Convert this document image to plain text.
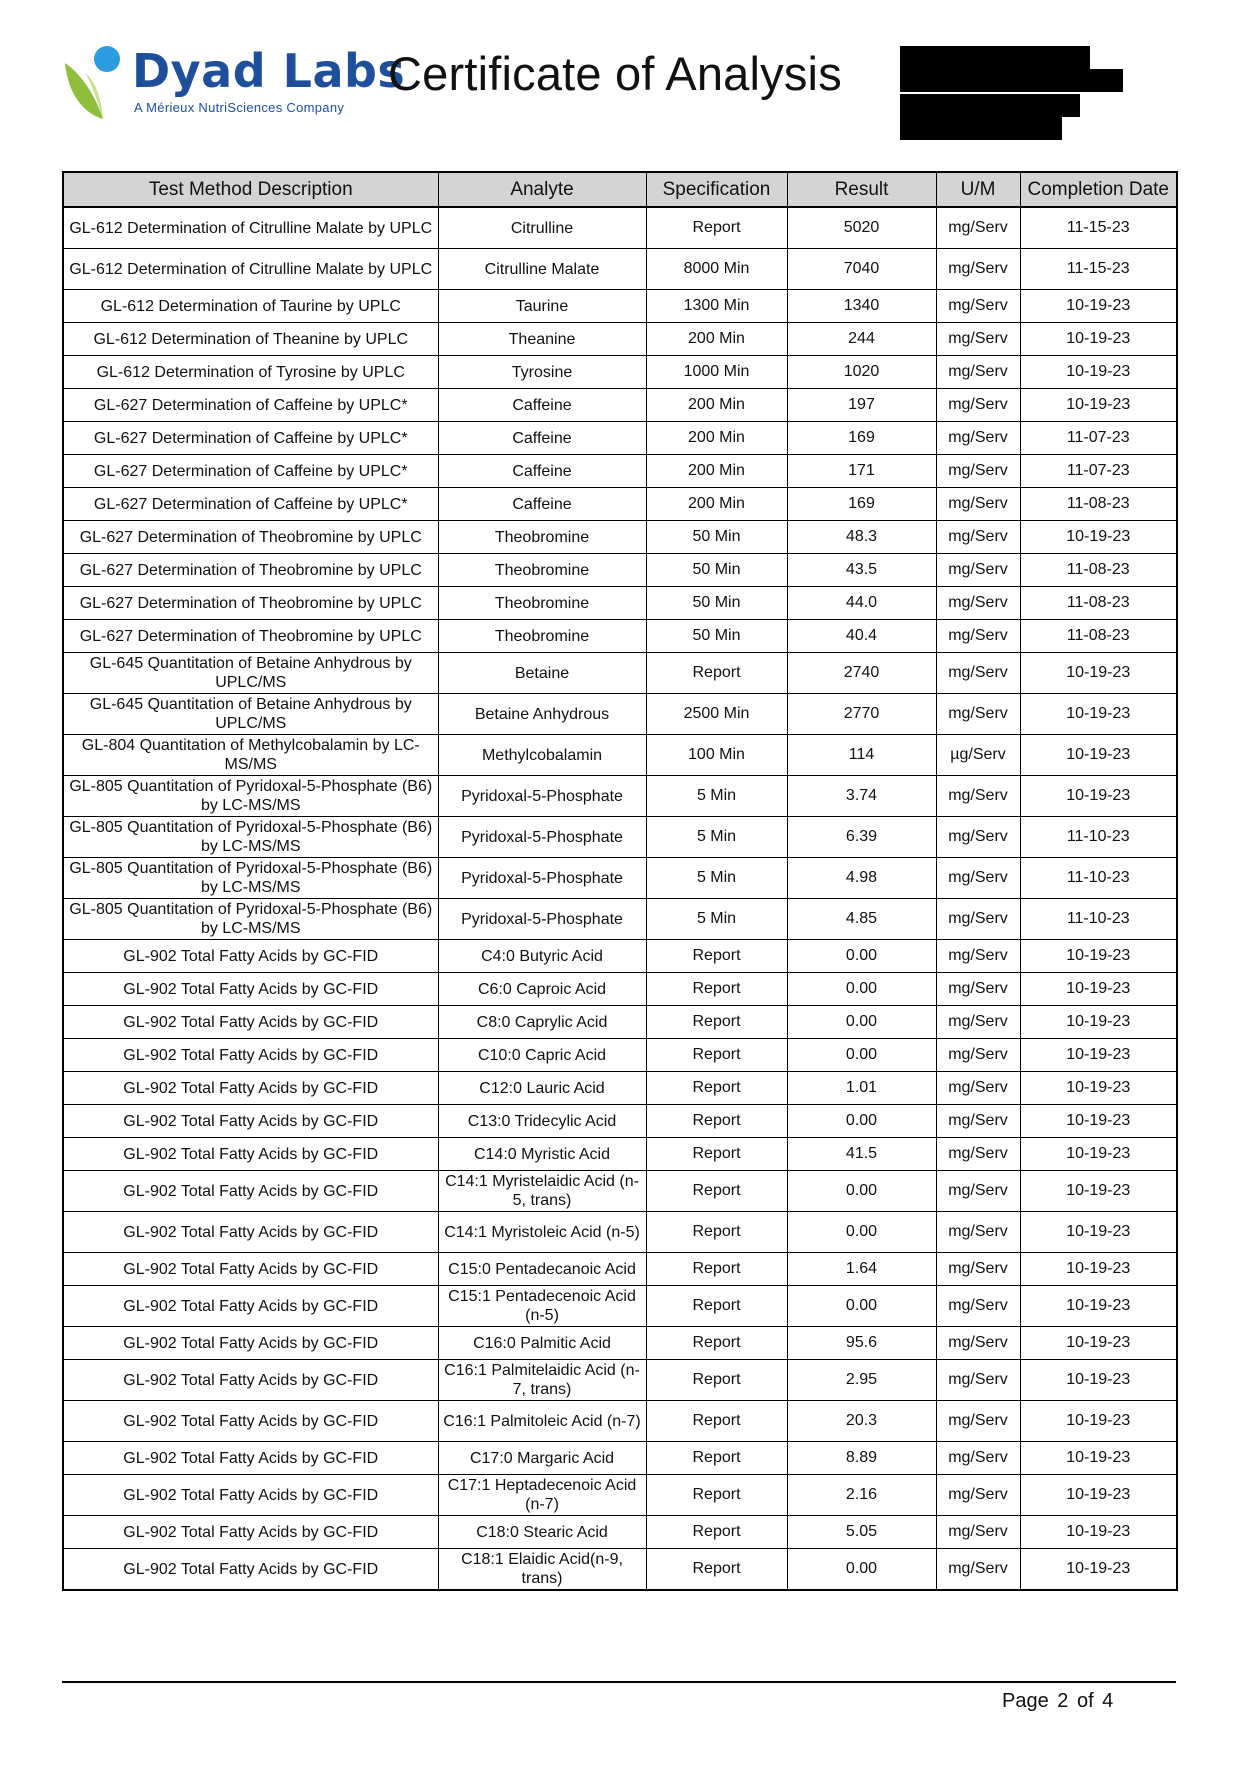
Dyad Labs
A Mérieux NutriSciences Company
Certificate of Analysis
Test Method Description	Analyte	Specification	Result	U/M	Completion Date
GL-612 Determination of Citrulline Malate by UPLC	Citrulline	Report	5020	mg/Serv	11-15-23
GL-612 Determination of Citrulline Malate by UPLC	Citrulline Malate	8000 Min	7040	mg/Serv	11-15-23
GL-612 Determination of Taurine by UPLC	Taurine	1300 Min	1340	mg/Serv	10-19-23
GL-612 Determination of Theanine by UPLC	Theanine	200 Min	244	mg/Serv	10-19-23
GL-612 Determination of Tyrosine by UPLC	Tyrosine	1000 Min	1020	mg/Serv	10-19-23
GL-627 Determination of Caffeine by UPLC*	Caffeine	200 Min	197	mg/Serv	10-19-23
GL-627 Determination of Caffeine by UPLC*	Caffeine	200 Min	169	mg/Serv	11-07-23
GL-627 Determination of Caffeine by UPLC*	Caffeine	200 Min	171	mg/Serv	11-07-23
GL-627 Determination of Caffeine by UPLC*	Caffeine	200 Min	169	mg/Serv	11-08-23
GL-627 Determination of Theobromine by UPLC	Theobromine	50 Min	48.3	mg/Serv	10-19-23
GL-627 Determination of Theobromine by UPLC	Theobromine	50 Min	43.5	mg/Serv	11-08-23
GL-627 Determination of Theobromine by UPLC	Theobromine	50 Min	44.0	mg/Serv	11-08-23
GL-627 Determination of Theobromine by UPLC	Theobromine	50 Min	40.4	mg/Serv	11-08-23
GL-645 Quantitation of Betaine Anhydrous by UPLC/MS	Betaine	Report	2740	mg/Serv	10-19-23
GL-645 Quantitation of Betaine Anhydrous by UPLC/MS	Betaine Anhydrous	2500 Min	2770	mg/Serv	10-19-23
GL-804 Quantitation of Methylcobalamin by LC-MS/MS	Methylcobalamin	100 Min	114	µg/Serv	10-19-23
GL-805 Quantitation of Pyridoxal-5-Phosphate (B6) by LC-MS/MS	Pyridoxal-5-Phosphate	5 Min	3.74	mg/Serv	10-19-23
GL-805 Quantitation of Pyridoxal-5-Phosphate (B6) by LC-MS/MS	Pyridoxal-5-Phosphate	5 Min	6.39	mg/Serv	11-10-23
GL-805 Quantitation of Pyridoxal-5-Phosphate (B6) by LC-MS/MS	Pyridoxal-5-Phosphate	5 Min	4.98	mg/Serv	11-10-23
GL-805 Quantitation of Pyridoxal-5-Phosphate (B6) by LC-MS/MS	Pyridoxal-5-Phosphate	5 Min	4.85	mg/Serv	11-10-23
GL-902 Total Fatty Acids by GC-FID	C4:0 Butyric Acid	Report	0.00	mg/Serv	10-19-23
GL-902 Total Fatty Acids by GC-FID	C6:0 Caproic Acid	Report	0.00	mg/Serv	10-19-23
GL-902 Total Fatty Acids by GC-FID	C8:0 Caprylic Acid	Report	0.00	mg/Serv	10-19-23
GL-902 Total Fatty Acids by GC-FID	C10:0 Capric Acid	Report	0.00	mg/Serv	10-19-23
GL-902 Total Fatty Acids by GC-FID	C12:0 Lauric Acid	Report	1.01	mg/Serv	10-19-23
GL-902 Total Fatty Acids by GC-FID	C13:0 Tridecylic Acid	Report	0.00	mg/Serv	10-19-23
GL-902 Total Fatty Acids by GC-FID	C14:0 Myristic Acid	Report	41.5	mg/Serv	10-19-23
GL-902 Total Fatty Acids by GC-FID	C14:1 Myristelaidic Acid (n-5, trans)	Report	0.00	mg/Serv	10-19-23
GL-902 Total Fatty Acids by GC-FID	C14:1 Myristoleic Acid (n-5)	Report	0.00	mg/Serv	10-19-23
GL-902 Total Fatty Acids by GC-FID	C15:0 Pentadecanoic Acid	Report	1.64	mg/Serv	10-19-23
GL-902 Total Fatty Acids by GC-FID	C15:1 Pentadecenoic Acid (n-5)	Report	0.00	mg/Serv	10-19-23
GL-902 Total Fatty Acids by GC-FID	C16:0 Palmitic Acid	Report	95.6	mg/Serv	10-19-23
GL-902 Total Fatty Acids by GC-FID	C16:1 Palmitelaidic Acid (n-7, trans)	Report	2.95	mg/Serv	10-19-23
GL-902 Total Fatty Acids by GC-FID	C16:1 Palmitoleic Acid (n-7)	Report	20.3	mg/Serv	10-19-23
GL-902 Total Fatty Acids by GC-FID	C17:0 Margaric Acid	Report	8.89	mg/Serv	10-19-23
GL-902 Total Fatty Acids by GC-FID	C17:1 Heptadecenoic Acid (n-7)	Report	2.16	mg/Serv	10-19-23
GL-902 Total Fatty Acids by GC-FID	C18:0 Stearic Acid	Report	5.05	mg/Serv	10-19-23
GL-902 Total Fatty Acids by GC-FID	C18:1 Elaidic Acid(n-9, trans)	Report	0.00	mg/Serv	10-19-23
Page 2 of 4
